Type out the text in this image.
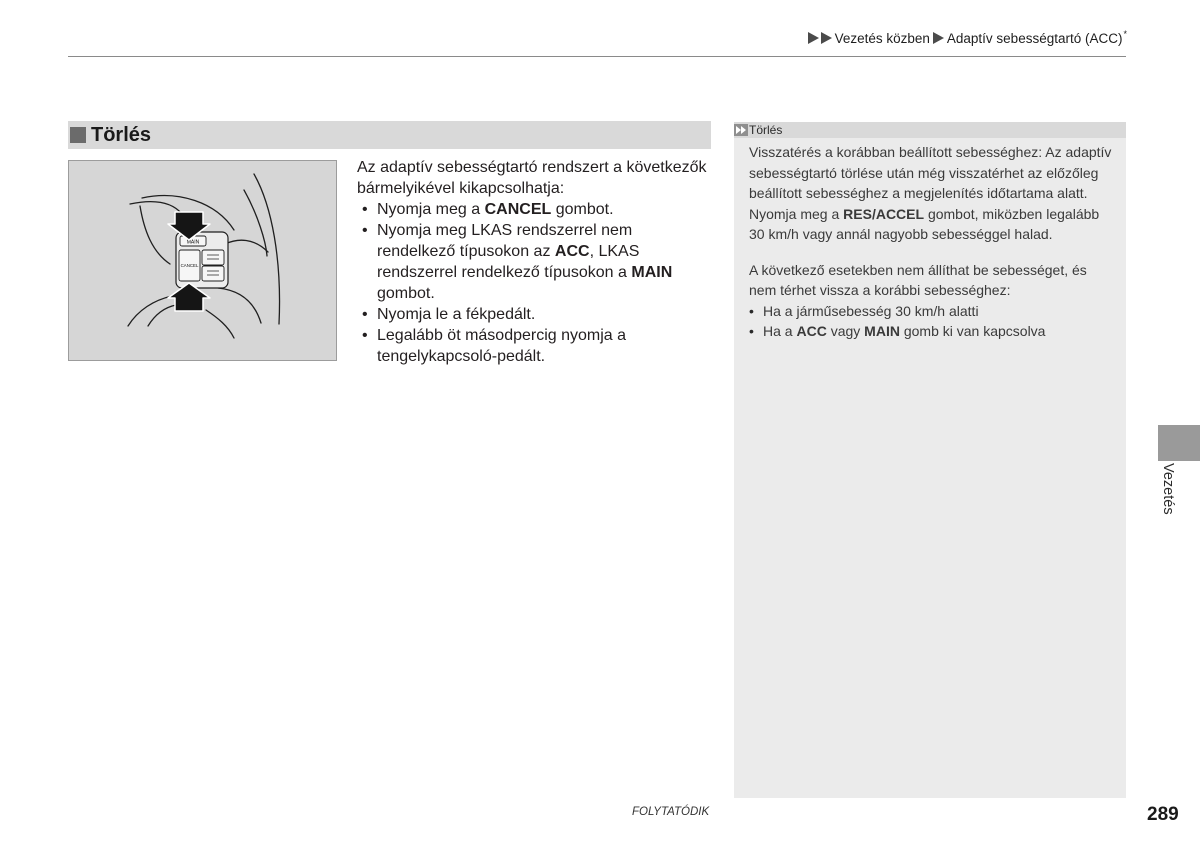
Vezetés közben Adaptív sebességtartó (ACC)*
Törlés
MAIN
CANCEL
Az adaptív sebességtartó rendszert a következők
bármelyikével kikapcsolhatja:
• Nyomja meg a CANCEL gombot.
• Nyomja meg LKAS rendszerrel nem
rendelkező típusokon az ACC, LKAS
rendszerrel rendelkező típusokon a MAIN
gombot.
• Nyomja le a fékpedált.
• Legalább öt másodpercig nyomja a
tengelykapcsoló-pedált.
Törlés

Visszatérés a korábban beállított sebességhez: Az adaptív
sebességtartó törlése után még visszatérhet az előzőleg
beállított sebességhez a megjelenítés időtartama alatt.
Nyomja meg a RES/ACCEL gombot, miközben legalább
30 km/h vagy annál nagyobb sebességgel halad.

A következő esetekben nem állíthat be sebességet, és
nem térhet vissza a korábbi sebességhez:

• Ha a járműsebesség 30 km/h alatti
• Ha a ACC vagy MAIN gomb ki van kapcsolva
Vezetés
FOLYTATÓDIK	289
